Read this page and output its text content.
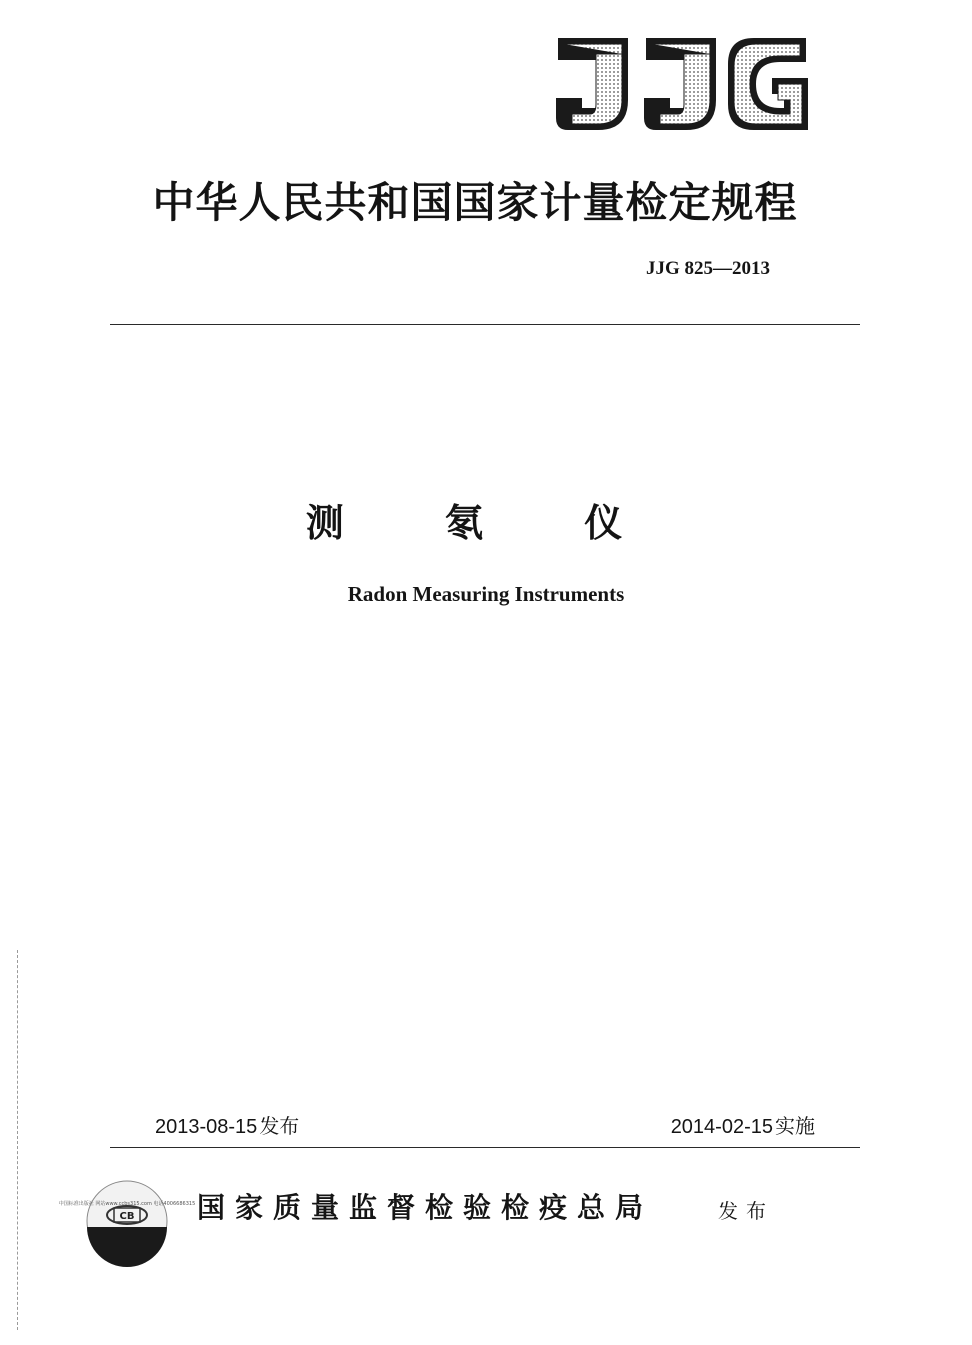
JJG
中华人民共和国国家计量检定规程
JJG 825—2013
测 氡 仪
Radon Measuring Instruments
2013-08-15 发布	2014-02-15 实施
CB
中国标准出版社 网站www.ccbs315.com 电话4006686315 国家质量监督检验检疫总局	发布
